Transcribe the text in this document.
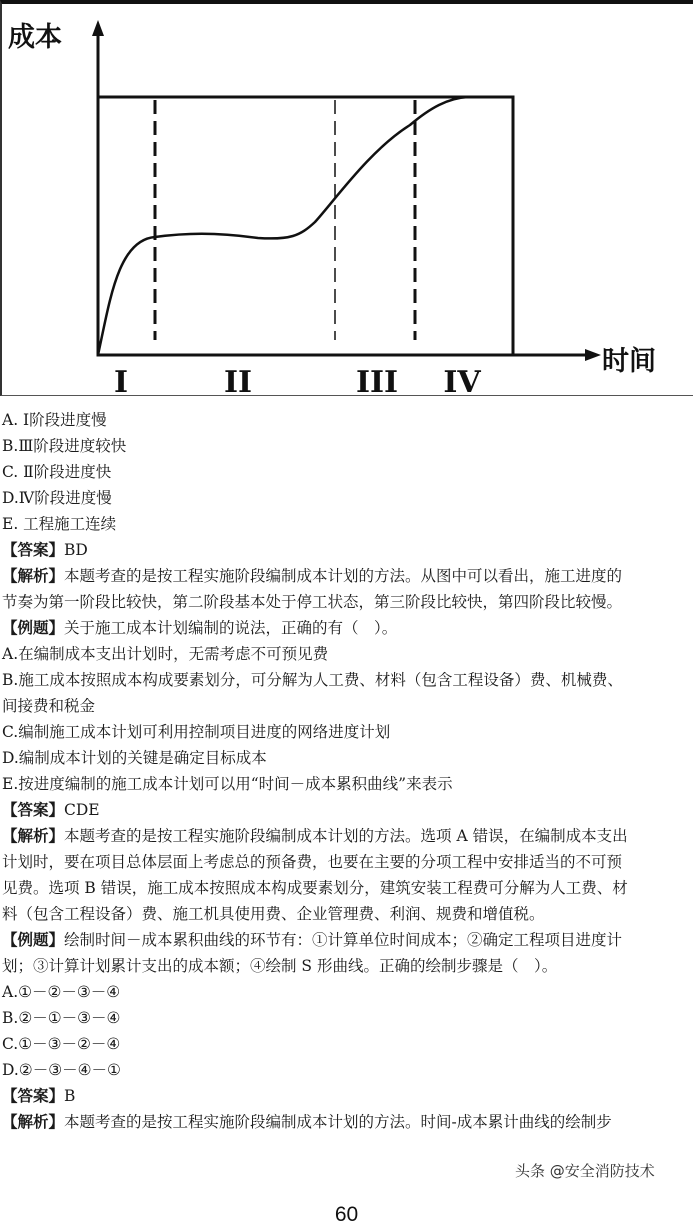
成本
时间
I	II	III IV
A. Ⅰ阶段进度慢
B.Ⅲ阶段进度较快
C. Ⅱ阶段进度快
D.Ⅳ阶段进度慢
E. 工程施工连续
【答案】BD
【解析】本题考查的是按工程实施阶段编制成本计划的方法。从图中可以看出，施工进度的
节奏为第一阶段比较快，第二阶段基本处于停工状态，第三阶段比较快，第四阶段比较慢。
【例题】关于施工成本计划编制的说法，正确的有（　）。
A.在编制成本支出计划时，无需考虑不可预见费
B.施工成本按照成本构成要素划分，可分解为人工费、材料（包含工程设备）费、机械费、
间接费和税金
C.编制施工成本计划可利用控制项目进度的网络进度计划
D.编制成本计划的关键是确定目标成本
E.按进度编制的施工成本计划可以用“时间－成本累积曲线”来表示
【答案】CDE
【解析】本题考查的是按工程实施阶段编制成本计划的方法。选项 A 错误，在编制成本支出
计划时，要在项目总体层面上考虑总的预备费，也要在主要的分项工程中安排适当的不可预
见费。选项 B 错误，施工成本按照成本构成要素划分，建筑安装工程费可分解为人工费、材
料（包含工程设备）费、施工机具使用费、企业管理费、利润、规费和增值税。
【例题】绘制时间－成本累积曲线的环节有：①计算单位时间成本；②确定工程项目进度计
划；③计算计划累计支出的成本额；④绘制 S 形曲线。正确的绘制步骤是（　）。
A.①－②－③－④
B.②－①－③－④
C.①－③－②－④
D.②－③－④－①
【答案】B
【解析】本题考查的是按工程实施阶段编制成本计划的方法。时间-成本累计曲线的绘制步
头条 @安全消防技术
60
